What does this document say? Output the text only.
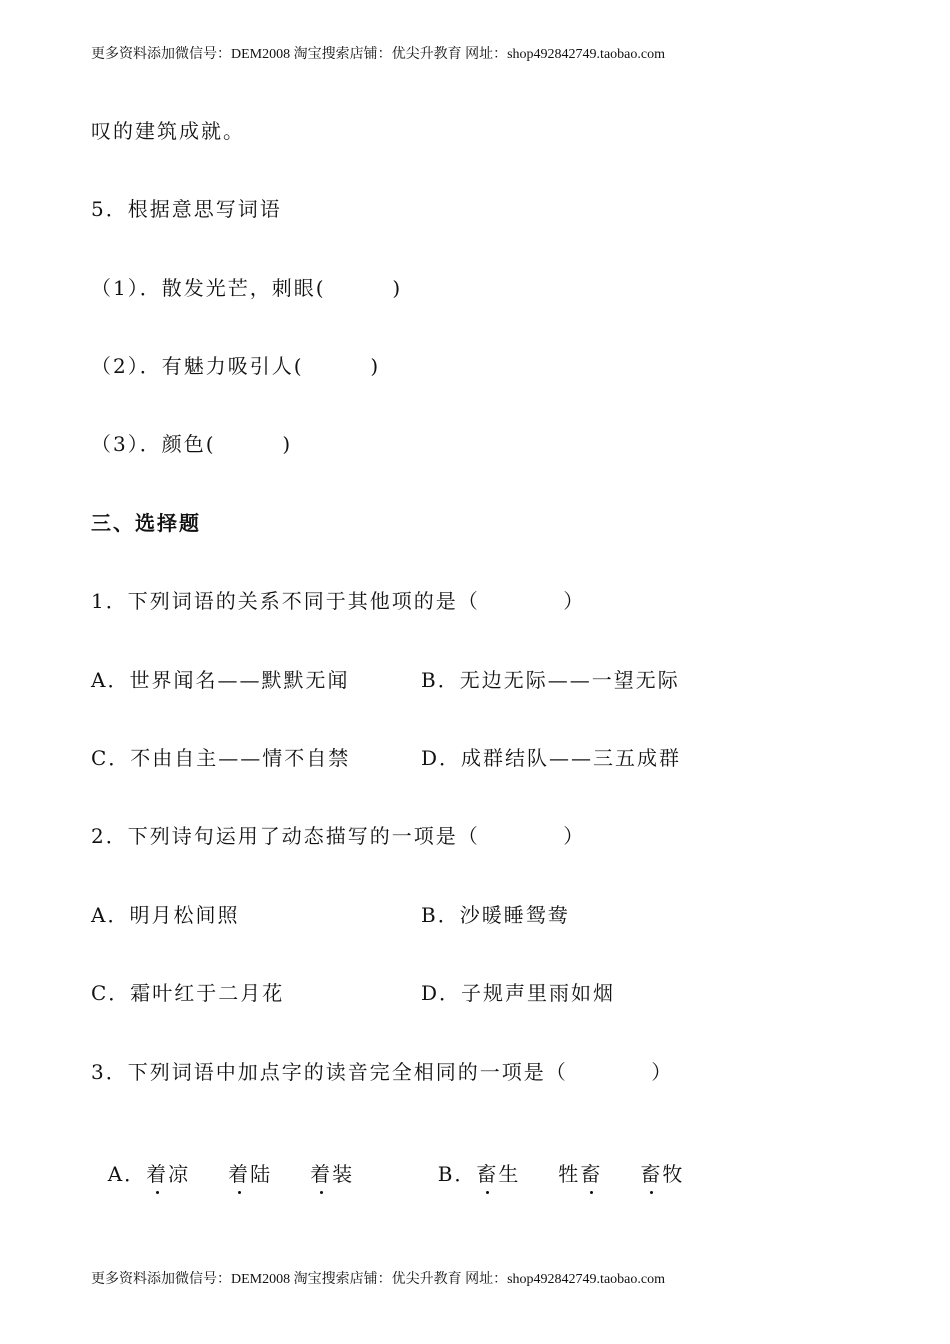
更多资料添加微信号：DEM2008 淘宝搜索店铺：优尖升教育 网址：shop492842749.taobao.com
叹的建筑成就。
5．根据意思写词语
（1）．散发光芒，刺眼(        )
（2）．有魅力吸引人(        )
（3）．颜色(        )
三、选择题
1．下列词语的关系不同于其他项的是（          ）
A．世界闻名——默默无闻	B．无边无际——一望无际
C．不由自主——情不自禁	D．成群结队——三五成群
2．下列诗句运用了动态描写的一项是（          ）
A．明月松间照	B．沙暖睡鸳鸯
C．霜叶红于二月花	D．子规声里雨如烟
3．下列词语中加点字的读音完全相同的一项是（          ）

A．着凉 着陆 着装	B．畜生 牲畜 畜牧

更多资料添加微信号：DEM2008 淘宝搜索店铺：优尖升教育 网址：shop492842749.taobao.com
